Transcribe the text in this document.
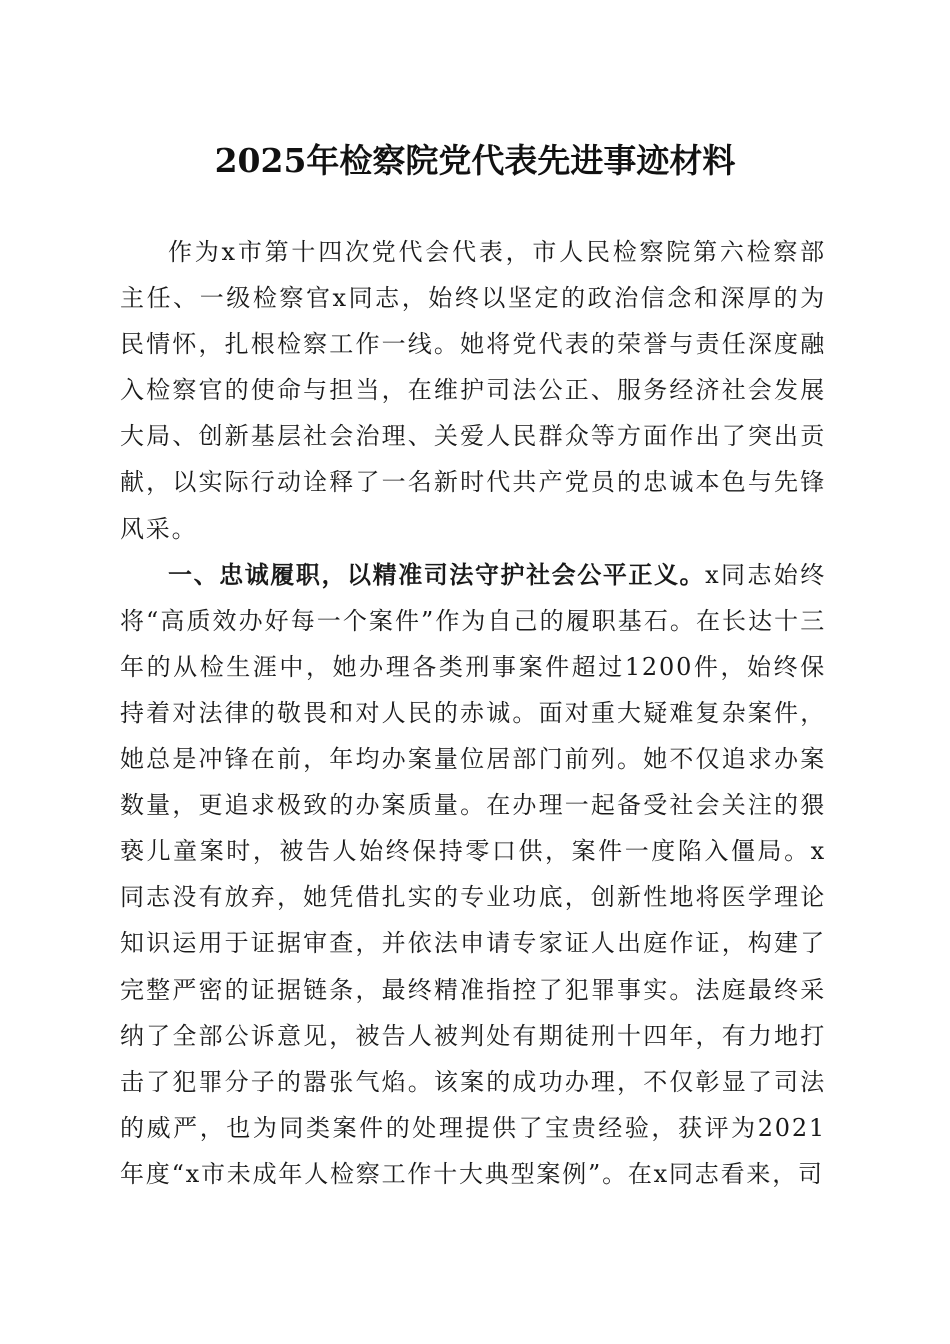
2025年检察院党代表先进事迹材料

作为x市第十四次党代会代表，市人民检察院第六检察部主任、一级检察官x同志，始终以坚定的政治信念和深厚的为民情怀，扎根检察工作一线。她将党代表的荣誉与责任深度融入检察官的使命与担当，在维护司法公正、服务经济社会发展大局、创新基层社会治理、关爱人民群众等方面作出了突出贡献，以实际行动诠释了一名新时代共产党员的忠诚本色与先锋风采。

一、忠诚履职，以精准司法守护社会公平正义。x同志始终将“高质效办好每一个案件”作为自己的履职基石。在长达十三年的从检生涯中，她办理各类刑事案件超过1200件，始终保持着对法律的敬畏和对人民的赤诚。面对重大疑难复杂案件，她总是冲锋在前，年均办案量位居部门前列。她不仅追求办案数量，更追求极致的办案质量。在办理一起备受社会关注的猥亵儿童案时，被告人始终保持零口供，案件一度陷入僵局。x同志没有放弃，她凭借扎实的专业功底，创新性地将医学理论知识运用于证据审查，并依法申请专家证人出庭作证，构建了完整严密的证据链条，最终精准指控了犯罪事实。法庭最终采纳了全部公诉意见，被告人被判处有期徒刑十四年，有力地打击了犯罪分子的嚣张气焰。该案的成功办理，不仅彰显了司法的威严，也为同类案件的处理提供了宝贵经验，获评为2021年度“x市未成年人检察工作十大典型案例”。在x同志看来，司
